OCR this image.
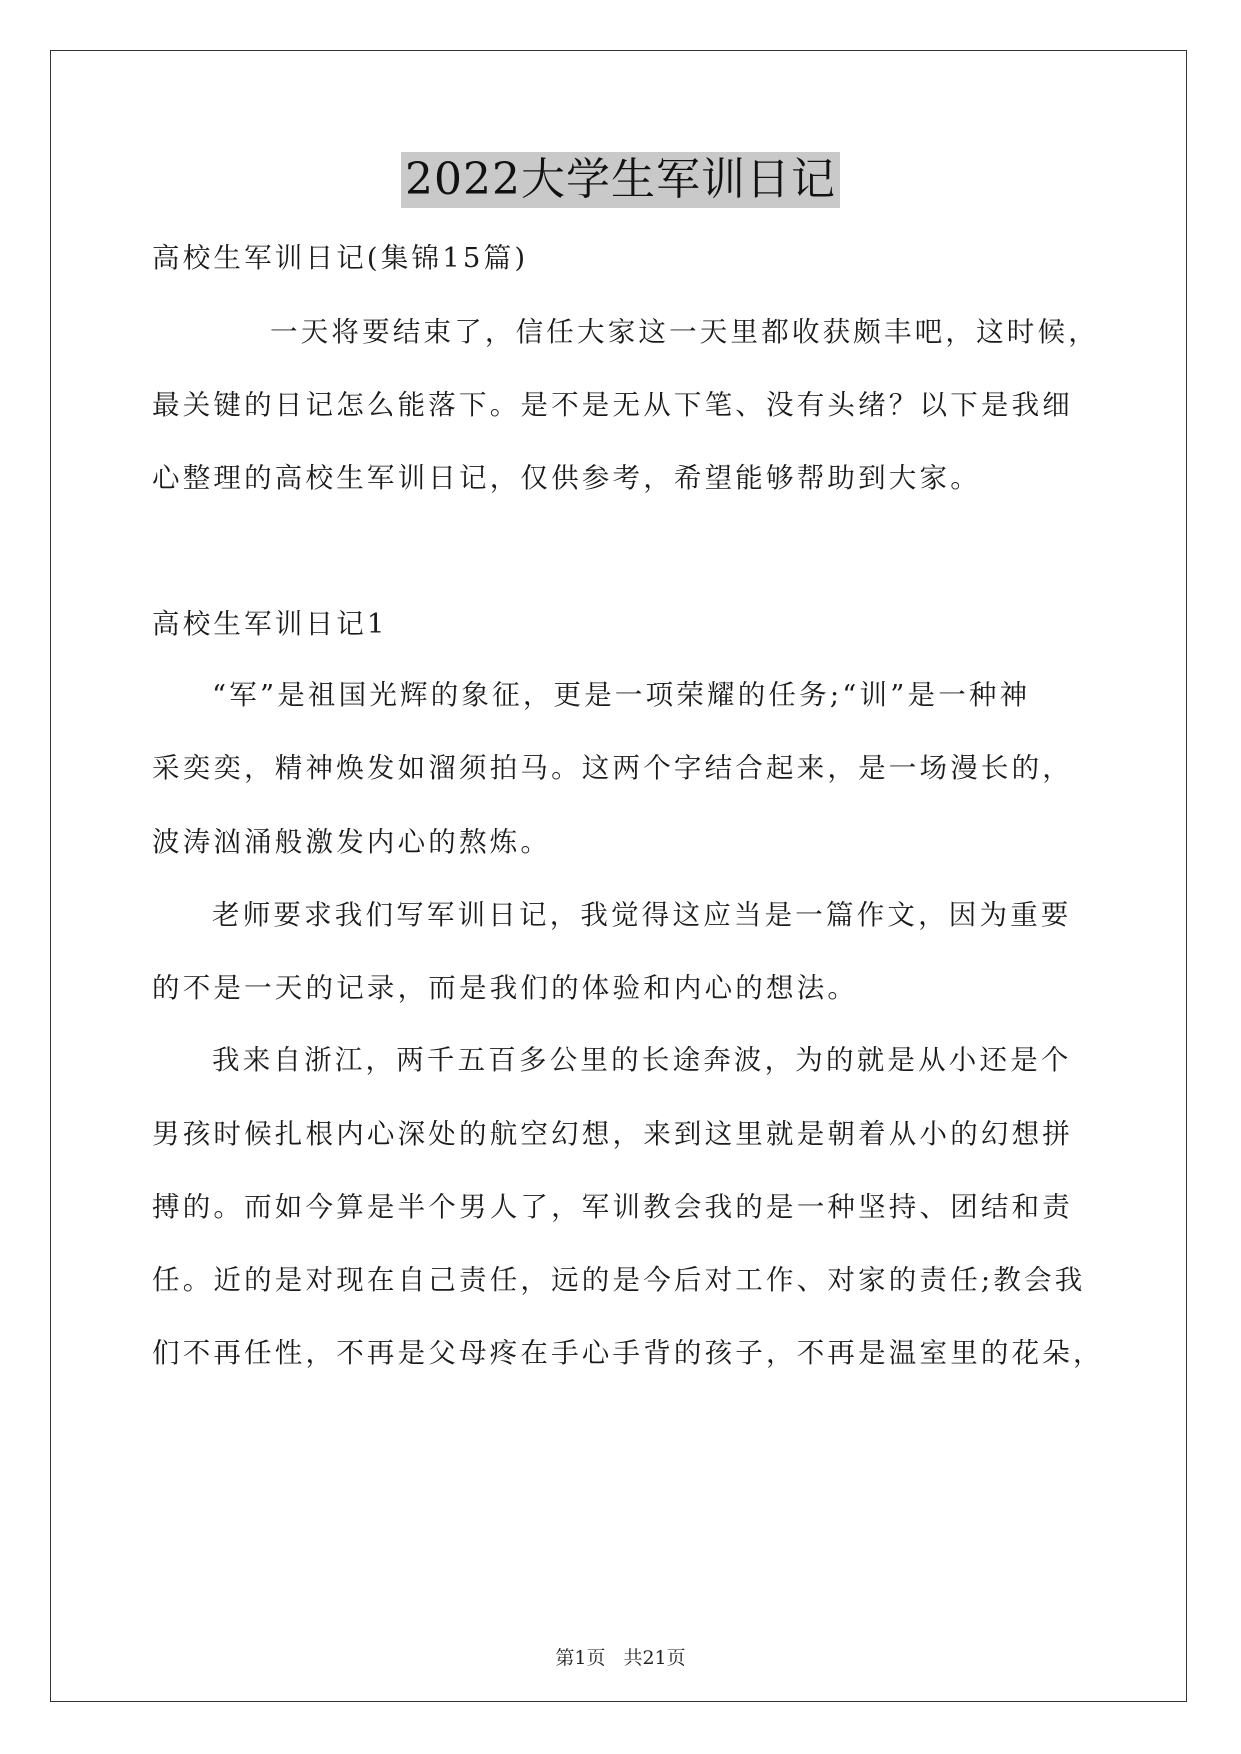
2022大学生军训日记
高校生军训日记(集锦15篇)
一天将要结束了，信任大家这一天里都收获颇丰吧，这时候，
最关键的日记怎么能落下。是不是无从下笔、没有头绪？以下是我细
心整理的高校生军训日记，仅供参考，希望能够帮助到大家。
高校生军训日记1
“军”是祖国光辉的象征，更是一项荣耀的任务;“训”是一种神
采奕奕，精神焕发如溜须拍马。这两个字结合起来，是一场漫长的，
波涛汹涌般激发内心的熬炼。
老师要求我们写军训日记，我觉得这应当是一篇作文，因为重要
的不是一天的记录，而是我们的体验和内心的想法。
我来自浙江，两千五百多公里的长途奔波，为的就是从小还是个
男孩时候扎根内心深处的航空幻想，来到这里就是朝着从小的幻想拼
搏的。而如今算是半个男人了，军训教会我的是一种坚持、团结和责
任。近的是对现在自己责任，远的是今后对工作、对家的责任;教会我
们不再任性，不再是父母疼在手心手背的孩子，不再是温室里的花朵，
第1页 共21页
